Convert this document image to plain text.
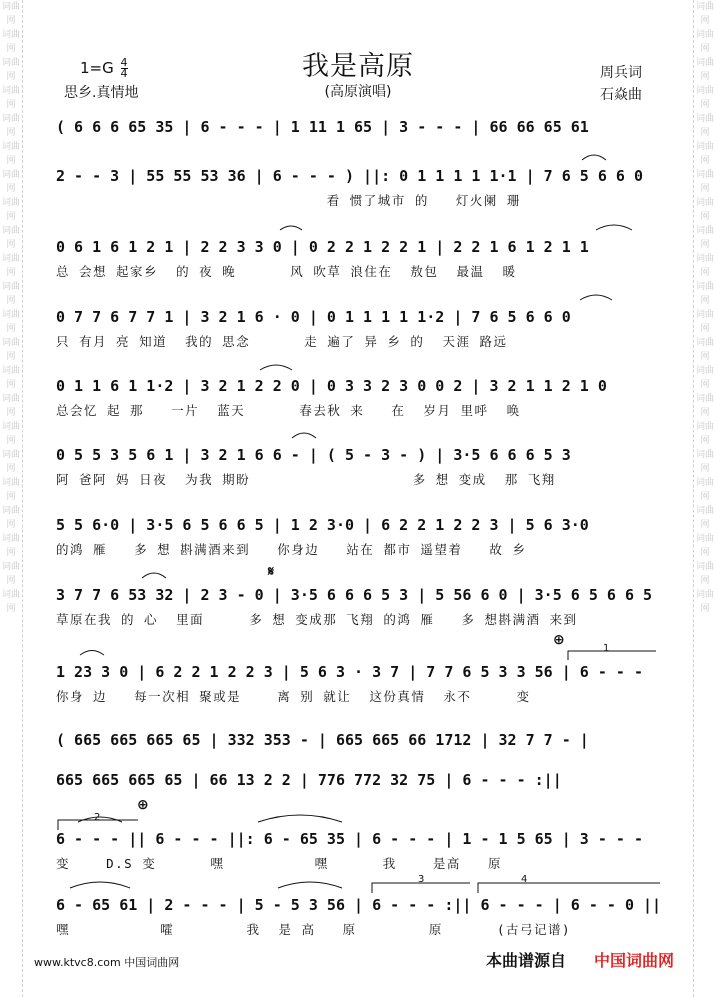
词曲网
词曲网
词曲网
词曲网
词曲网
词曲网
词曲网
词曲网
词曲网
词曲网
词曲网
词曲网
词曲网
词曲网
词曲网
词曲网
词曲网
词曲网
词曲网
词曲网
词曲网
词曲网
词曲网
词曲网
词曲网
词曲网
词曲网
词曲网
词曲网
词曲网
词曲网
词曲网
词曲网
词曲网
词曲网
词曲网
词曲网
词曲网
词曲网
词曲网
词曲网
词曲网
词曲网
词曲网
我是高原
(高原演唱)
$1=G \frac{4}{4}$
思乡.真情地
周兵词
石焱曲
( 6 6 6 65 35 | 6 - - - | 1 11 1 65 | 3 - - - | 66 66 65 61
2 - - 3 | 55 55 53 36 | 6 - - - ) ||: 0 1 1 1 1 1·1 | 7 6 5 6 6 0
看 惯了城市 的   灯火阑 珊
0 6 1 6 1 2 1 | 2 2 3 3 0 | 0 2 2 1 2 2 1 | 2 2 1 6 1 2 1 1
总 会想 起家乡  的 夜 晚      风 吹草 浪住在  敖包  最温  暖
0 7 7 6 7 7 1 | 3 2 1 6 · 0 | 0 1 1 1 1 1·2 | 7 6 5 6 6 0
只 有月 亮 知道  我的 思念      走 遍了 异 乡 的  天涯 路远
0 1 1 6 1 1·2 | 3 2 1 2 2 0 | 0 3 3 2 3 0 0 2 | 3 2 1 1 2 1 0
总会忆 起 那   一片  蓝天      春去秋 来   在  岁月 里呼  唤
0 5 5 3 5 6 1 | 3 2 1 6 6 - | ( 5 - 3 - ) | 3·5 6 6 6 5 3
阿 爸阿 妈 日夜  为我 期盼                  多 想 变成  那 飞翔
5 5 6·0 | 3·5 6 5 6 6 5 | 1 2 3·0 | 6 2 2 1 2 2 3 | 5 6 3·0
的鸿 雁   多 想 斟满酒来到   你身边   站在 都市 遥望着   故 乡
3 7 7 6 53 32 | 2 3 - 0 | 3·5 6 6 6 5 3 | 5 56 6 0 | 3·5 6 5 6 6 5
草原在我 的 心  里面     多 想 变成那 飞翔 的鸿 雁   多 想斟满酒 来到
1 23 3 0 | 6 2 2 1 2 2 3 | 5 6 3 · 3 7 | 7 7 6 5 3 3 56 | 6 - - -
你身 边   每一次相 聚或是    离 别 就让  这份真情  永不     变
( 665 665 665 65 | 332 353 - | 665 665 66 1712 | 32 7 7 - |
665 665 665 65 | 66 13 2 2 | 776 772 32 75 | 6 - - - :||
6 - - - || 6 - - - ||: 6 - 65 35 | 6 - - - | 1 - 1 5 65 | 3 - - -
变    D.S 变      嘿          嘿      我    是高   原
6 - 65 61 | 2 - - - | 5 - 5 3 56 | 6 - - - :|| 6 - - - | 6 - - 0 ||
嘿          嚯        我  是 高   原        原      (古弓记谱)
𝄋
⊕
⊕
1
2
3	4
www.ktvc8.com 中国词曲网	本曲谱源自 中国词曲网
